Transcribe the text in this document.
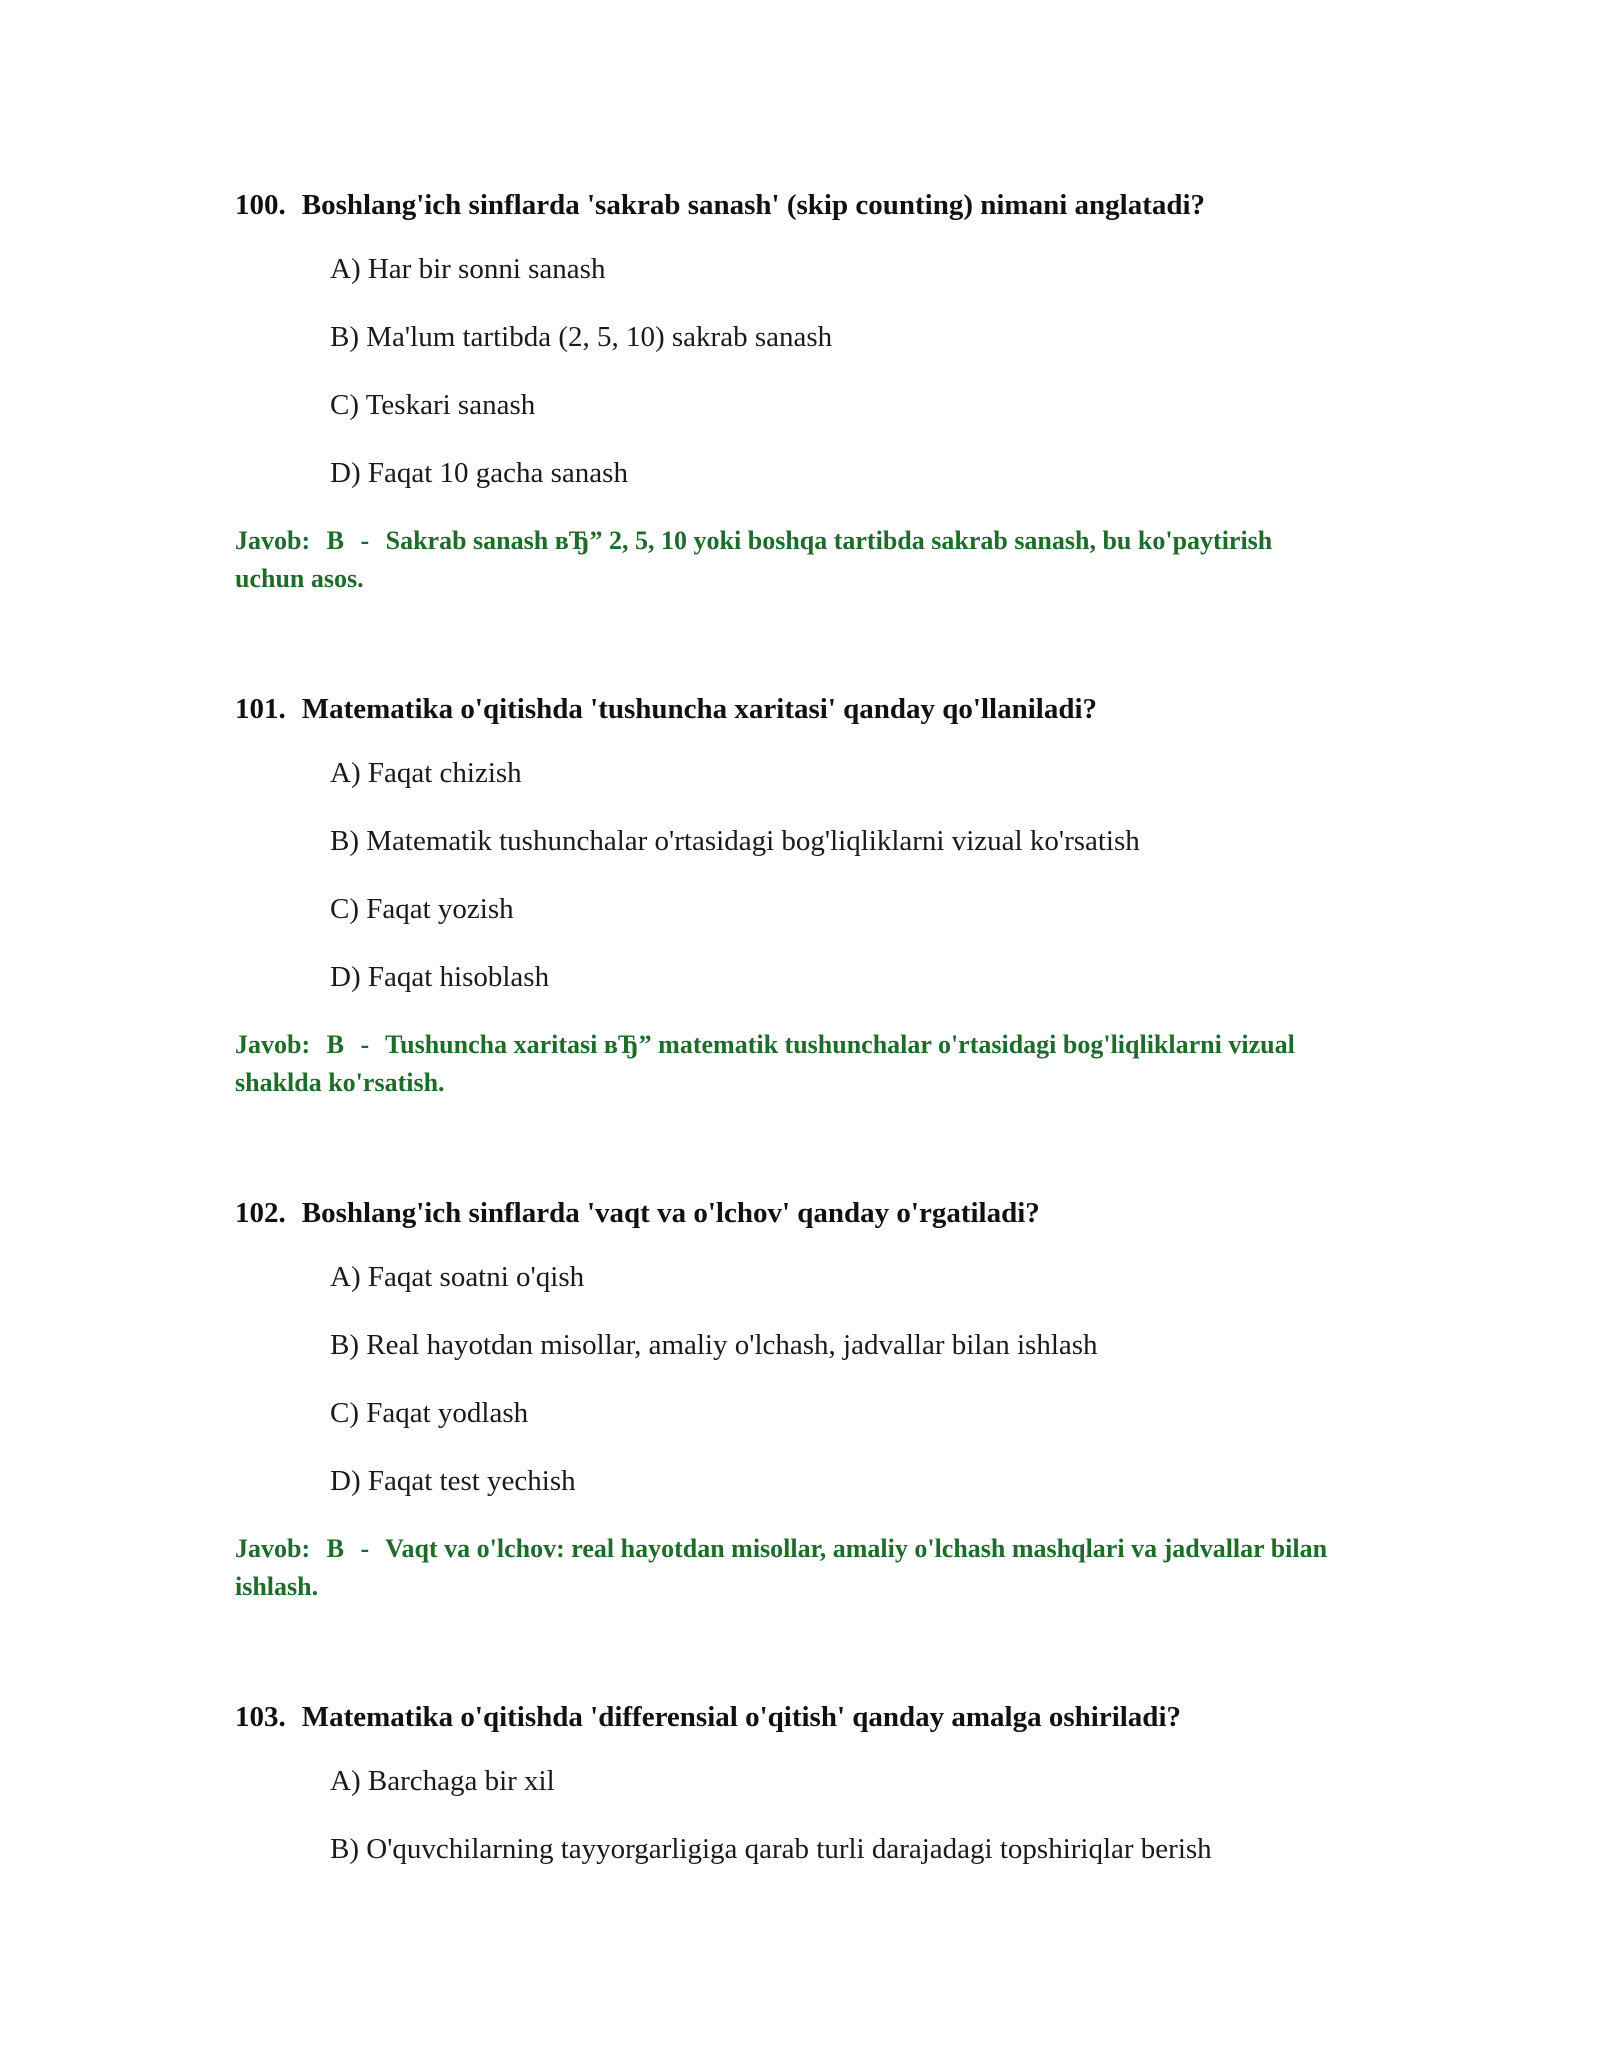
100. Boshlang'ich sinflarda 'sakrab sanash' (skip counting) nimani anglatadi?
A) Har bir sonni sanash
B) Ma'lum tartibda (2, 5, 10) sakrab sanash
C) Teskari sanash
D) Faqat 10 gacha sanash
Javob: B - Sakrab sanash вЂ” 2, 5, 10 yoki boshqa tartibda sakrab sanash, bu ko'paytirish uchun asos.
101. Matematika o'qitishda 'tushuncha xaritasi' qanday qo'llaniladi?
A) Faqat chizish
B) Matematik tushunchalar o'rtasidagi bog'liqliklarni vizual ko'rsatish
C) Faqat yozish
D) Faqat hisoblash
Javob: B - Tushuncha xaritasi вЂ” matematik tushunchalar o'rtasidagi bog'liqliklarni vizual shaklda ko'rsatish.
102. Boshlang'ich sinflarda 'vaqt va o'lchov' qanday o'rgatiladi?
A) Faqat soatni o'qish
B) Real hayotdan misollar, amaliy o'lchash, jadvallar bilan ishlash
C) Faqat yodlash
D) Faqat test yechish
Javob: B - Vaqt va o'lchov: real hayotdan misollar, amaliy o'lchash mashqlari va jadvallar bilan ishlash.
103. Matematika o'qitishda 'differensial o'qitish' qanday amalga oshiriladi?
A) Barchaga bir xil
B) O'quvchilarning tayyorgarligiga qarab turli darajadagi topshiriqlar berish
